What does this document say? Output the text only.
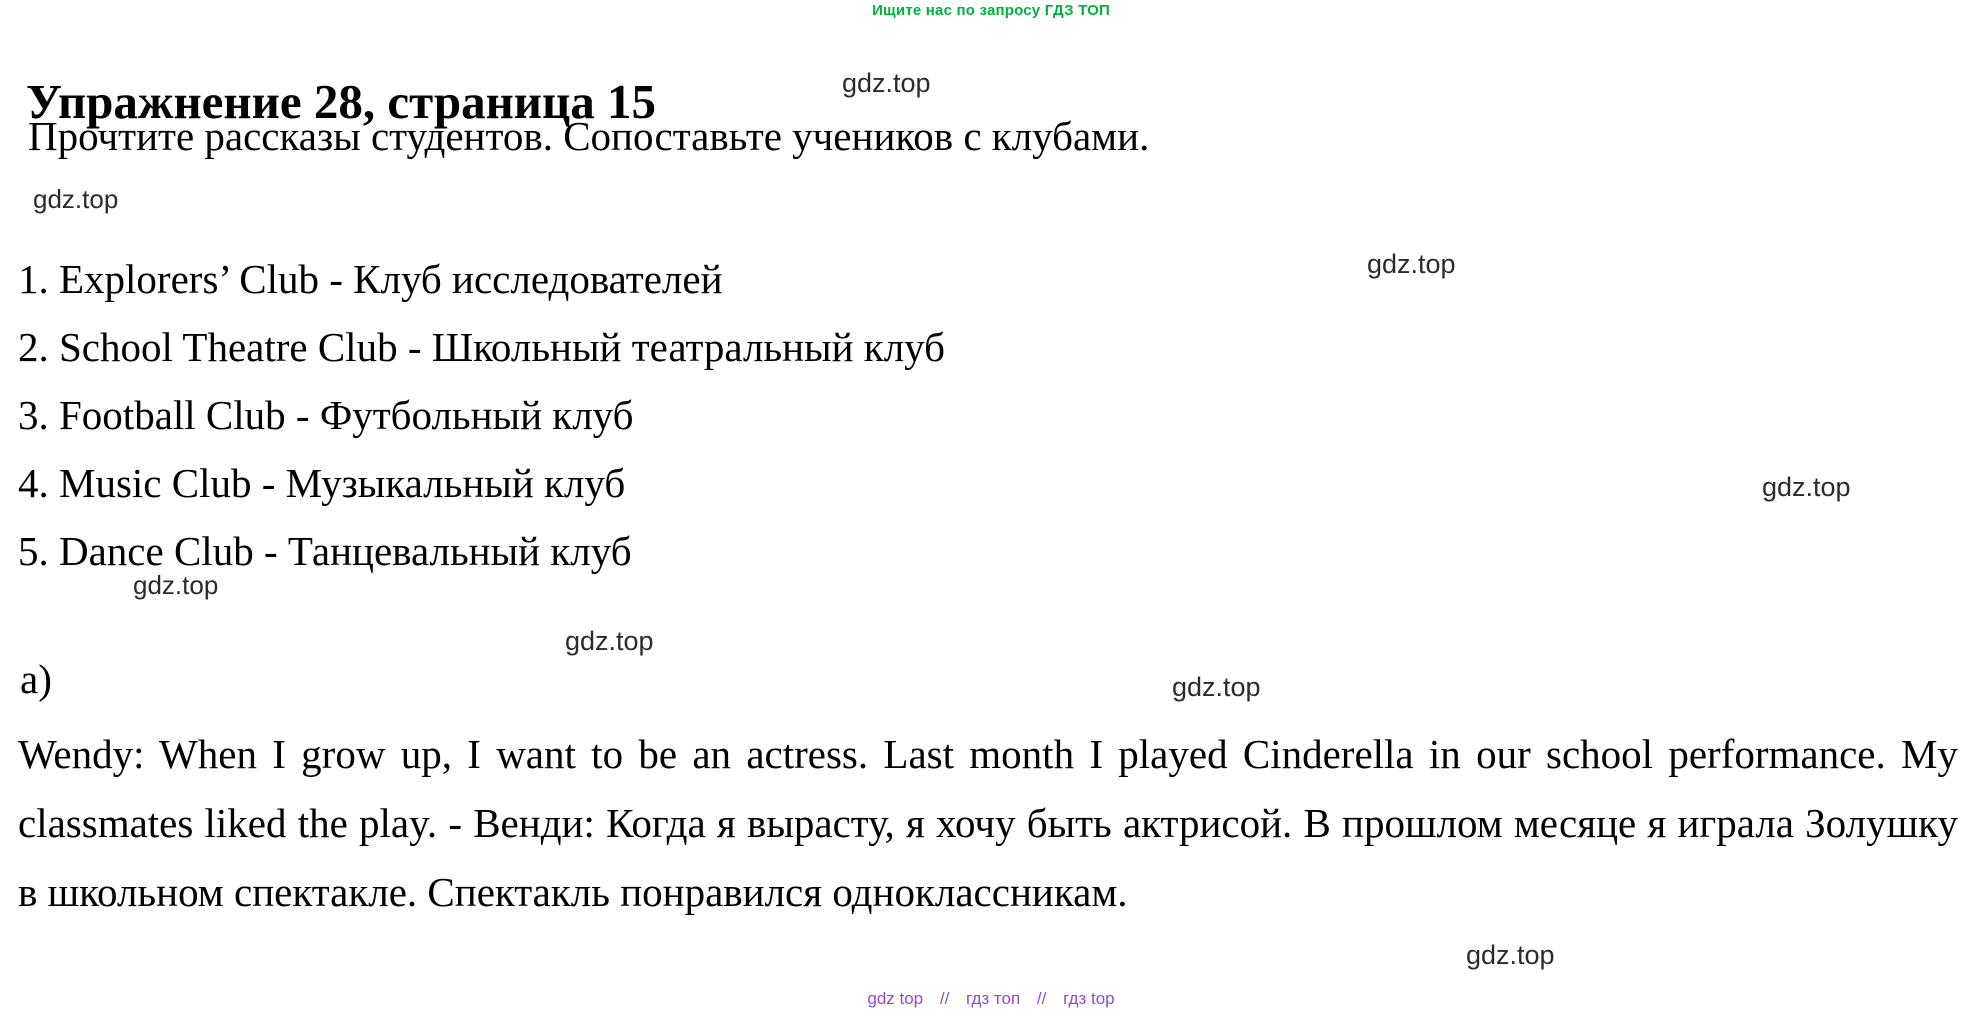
Ищите нас по запросу ГДЗ ТОП
Упражнение 28, страница 15
Прочтите рассказы студентов. Сопоставьте учеников с клубами.
1. Explorers’ Club - Клуб исследователей
2. School Theatre Club - Школьный театральный клуб
3. Football Club - Футбольный клуб
4. Music Club - Музыкальный клуб
5. Dance Club - Танцевальный клуб
a)
Wendy: When I grow up, I want to be an actress. Last month I played Cinderella in our school performance. My classmates liked the play. - Венди: Когда я вырасту, я хочу быть актрисой. В прошлом месяце я играла Золушку в школьном спектакле. Спектакль понравился одноклассникам.
gdz.top
gdz.top
gdz.top
gdz.top
gdz.top
gdz.top
gdz.top
gdz.top
gdz top // гдз топ // гдз top
